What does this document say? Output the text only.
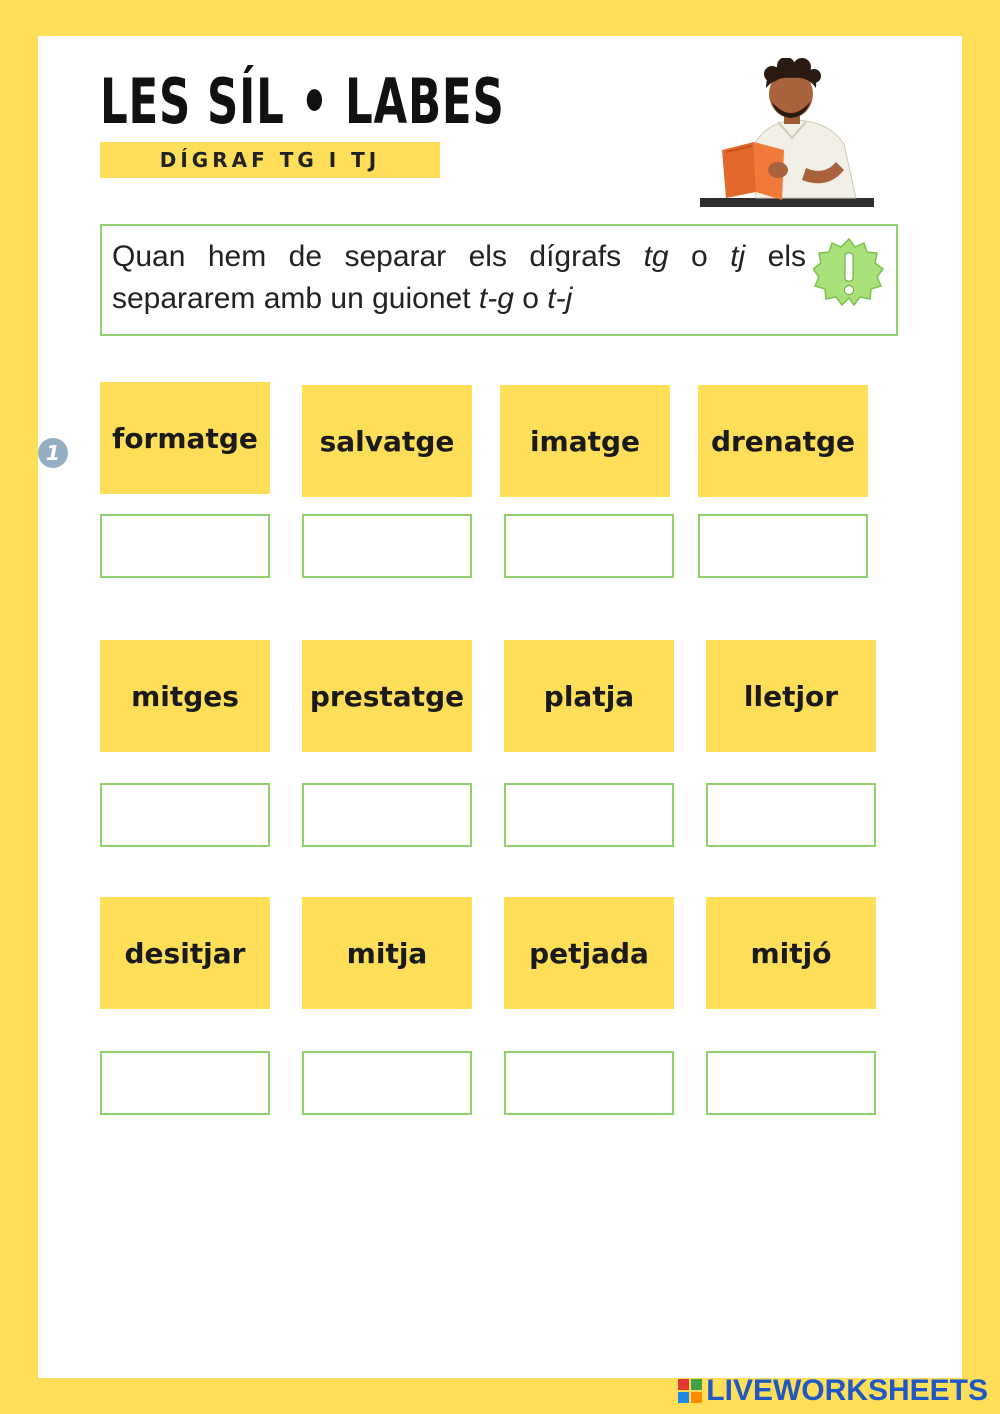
LES SÍL • LABES
DÍGRAF TG I TJ

Quan hem de separar els dígrafs tg o tj els separarem amb un guionet t-g o t-j

1	formatge	salvatge	imatge	drenatge
mitges	prestatge	platja	lletjor
desitjar	mitja	petjada	mitjó
LIVEWORKSHEETS
